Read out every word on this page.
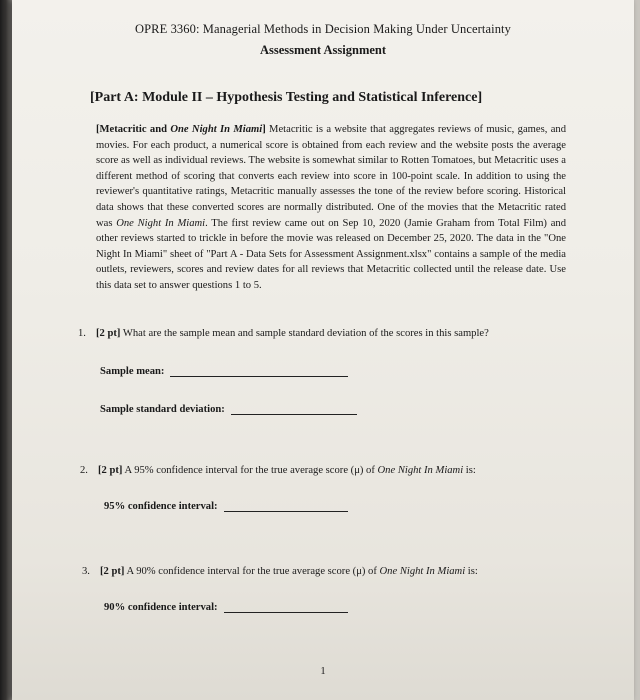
OPRE 3360: Managerial Methods in Decision Making Under Uncertainty
Assessment Assignment
[Part A: Module II – Hypothesis Testing and Statistical Inference]
[Metacritic and One Night In Miami] Metacritic is a website that aggregates reviews of music, games, and movies. For each product, a numerical score is obtained from each review and the website posts the average score as well as individual reviews. The website is somewhat similar to Rotten Tomatoes, but Metacritic uses a different method of scoring that converts each review into score in 100-point scale. In addition to using the reviewer's quantitative ratings, Metacritic manually assesses the tone of the review before scoring. Historical data shows that these converted scores are normally distributed. One of the movies that the Metacritic rated was One Night In Miami. The first review came out on Sep 10, 2020 (Jamie Graham from Total Film) and other reviews started to trickle in before the movie was released on December 25, 2020. The data in the "One Night In Miami" sheet of "Part A - Data Sets for Assessment Assignment.xlsx" contains a sample of the media outlets, reviewers, scores and review dates for all reviews that Metacritic collected until the release date. Use this data set to answer questions 1 to 5.
1. [2 pt] What are the sample mean and sample standard deviation of the scores in this sample?
Sample mean:
Sample standard deviation:
2. [2 pt] A 95% confidence interval for the true average score (μ) of One Night In Miami is:
95% confidence interval:
3. [2 pt] A 90% confidence interval for the true average score (μ) of One Night In Miami is:
90% confidence interval:
1
